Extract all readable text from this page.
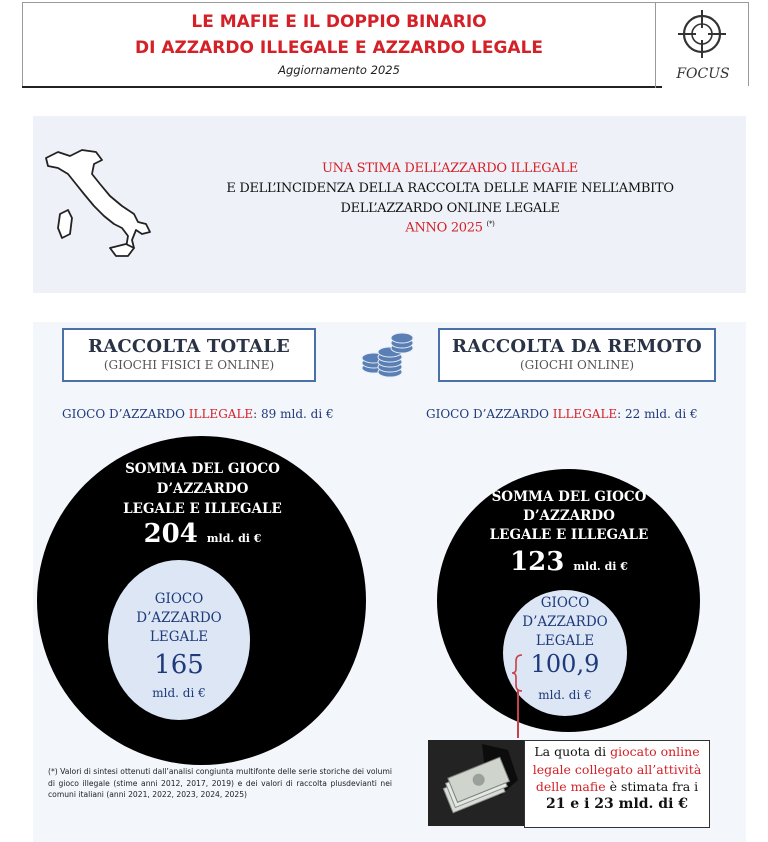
LE MAFIE E IL DOPPIO BINARIO
DI AZZARDO ILLEGALE E AZZARDO LEGALE
Aggiornamento 2025	FOCUS
UNA STIMA DELL’AZZARDO ILLEGALE
E DELL’INCIDENZA DELLA RACCOLTA DELLE MAFIE NELL’AMBITO
DELL’AZZARDO ONLINE LEGALE
ANNO 2025 (*)
RACCOLTA TOTALE
(GIOCHI FISICI E ONLINE)
RACCOLTA DA REMOTO
(GIOCHI ONLINE)
GIOCO D’AZZARDO ILLEGALE: 89 mld. di €	GIOCO D’AZZARDO ILLEGALE: 22 mld. di €
SOMMA DEL GIOCO
D’AZZARDO
LEGALE E ILLEGALE
204 mld. di €
GIOCO
D’AZZARDO
LEGALE
165
mld. di €
SOMMA DEL GIOCO
D’AZZARDO
LEGALE E ILLEGALE
123 mld. di €
GIOCO
D’AZZARDO
LEGALE
100,9
mld. di €
(*) Valori di sintesi ottenuti dall’analisi congiunta multifonte delle serie storiche dei volumi di gioco illegale (stime anni 2012, 2017, 2019) e dei valori di raccolta plusdevianti nei comuni italiani (anni 2021, 2022, 2023, 2024, 2025)
La quota di giocato online legale collegato all’attività delle mafie è stimata fra i
21 e i 23 mld. di €
